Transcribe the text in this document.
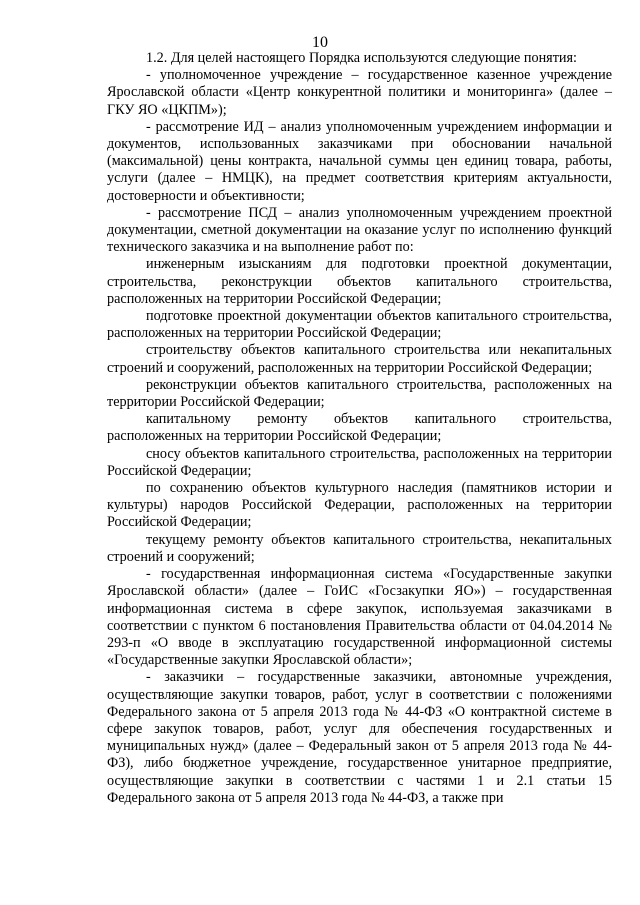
10

1.2. Для целей настоящего Порядка используются следующие понятия:

- уполномоченное учреждение – государственное казенное учреждение Ярославской области «Центр конкурентной политики и мониторинга» (далее – ГКУ ЯО «ЦКПМ»);

- рассмотрение ИД – анализ уполномоченным учреждением информации и документов, использованных заказчиками при обосновании начальной (максимальной) цены контракта, начальной суммы цен единиц товара, работы, услуги (далее – НМЦК), на предмет соответствия критериям актуальности, достоверности и объективности;

- рассмотрение ПСД – анализ уполномоченным учреждением проектной документации, сметной документации на оказание услуг по исполнению функций технического заказчика и на выполнение работ по:

инженерным изысканиям для подготовки проектной документации, строительства, реконструкции объектов капитального строительства, расположенных на территории Российской Федерации;

подготовке проектной документации объектов капитального строительства, расположенных на территории Российской Федерации;

строительству объектов капитального строительства или некапитальных строений и сооружений, расположенных на территории Российской Федерации;

реконструкции объектов капитального строительства, расположенных на территории Российской Федерации;

капитальному ремонту объектов капитального строительства, расположенных на территории Российской Федерации;

сносу объектов капитального строительства, расположенных на территории Российской Федерации;

по сохранению объектов культурного наследия (памятников истории и культуры) народов Российской Федерации, расположенных на территории Российской Федерации;

текущему ремонту объектов капитального строительства, некапитальных строений и сооружений;

- государственная информационная система «Государственные закупки Ярославской области» (далее – ГоИС «Госзакупки ЯО») – государственная информационная система в сфере закупок, используемая заказчиками в соответствии с пунктом 6 постановления Правительства области от 04.04.2014 № 293-п «О вводе в эксплуатацию государственной информационной системы «Государственные закупки Ярославской области»;

- заказчики – государственные заказчики, автономные учреждения, осуществляющие закупки товаров, работ, услуг в соответствии с положениями Федерального закона от 5 апреля 2013 года № 44-ФЗ «О контрактной системе в сфере закупок товаров, работ, услуг для обеспечения государственных и муниципальных нужд» (далее – Федеральный закон от 5 апреля 2013 года № 44-ФЗ), либо бюджетное учреждение, государственное унитарное предприятие, осуществляющие закупки в соответствии с частями 1 и 2.1 статьи 15 Федерального закона от 5 апреля 2013 года № 44-ФЗ, а также при
